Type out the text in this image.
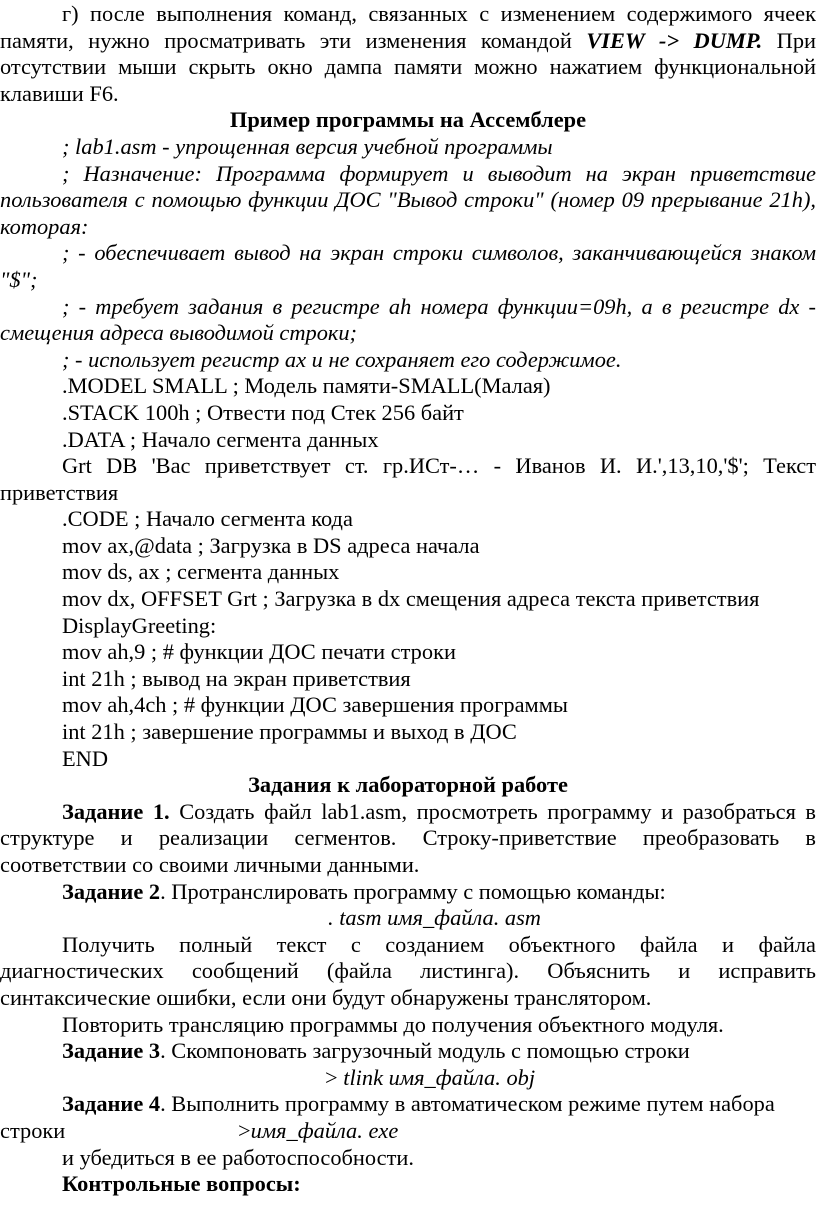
г) после выполнения команд, связанных с изменением содержимого ячеек памяти, нужно просматривать эти изменения командой VIEW -> DUMP. При отсутствии мыши скрыть окно дампа памяти можно нажатием функциональной клавиши F6.

Пример программы на Ассемблере

; lab1.asm - упрощенная версия учебной программы

; Назначение: Программа формирует и выводит на экран приветствие пользователя с помощью функции ДОС "Вывод строки" (номер 09 прерывание 21h), которая:

; - обеспечивает вывод на экран строки символов, заканчивающейся знаком "$";

; - требует задания в регистре ah номера функции=09h, а в регистре dx - смещения адреса выводимой строки;

; - использует регистр ax и не сохраняет его содержимое.

.MODEL SMALL ; Модель памяти-SMALL(Малая)

.STACK 100h ; Отвести под Стек 256 байт

.DATA ; Начало сегмента данных

Grt DB 'Вас приветствует ст. гр.ИСт-… - Иванов И. И.',13,10,'$'; Текст приветствия

.CODE ; Начало сегмента кода

mov ax,@data ; Загрузка в DS адреса начала

mov ds, ax ; сегмента данных

mov dx, OFFSET Grt ; Загрузка в dx смещения адреса текста приветствия

DisplayGreeting:

mov ah,9 ; # функции ДОС печати строки

int 21h ; вывод на экран приветствия

mov ah,4ch ; # функции ДОС завершения программы

int 21h ; завершение программы и выход в ДОС

END

Задания к лабораторной работе

Задание 1. Создать файл lab1.asm, просмотреть программу и разобраться в структуре и реализации сегментов. Строку-приветствие преобразовать в соответствии со своими личными данными.

Задание 2. Протранслировать программу с помощью команды:

. tasm имя_файла. asm

Получить полный текст с созданием объектного файла и файла диагностических сообщений (файла листинга). Объяснить и исправить синтаксические ошибки, если они будут обнаружены транслятором.

Повторить трансляцию программы до получения объектного модуля.

Задание 3. Скомпоновать загрузочный модуль с помощью строки

> tlink имя_файла. obj

Задание 4. Выполнить программу в автоматическом режиме путем набора

строки	> имя_файла. exe

и убедиться в ее работоспособности.

Контрольные вопросы:
